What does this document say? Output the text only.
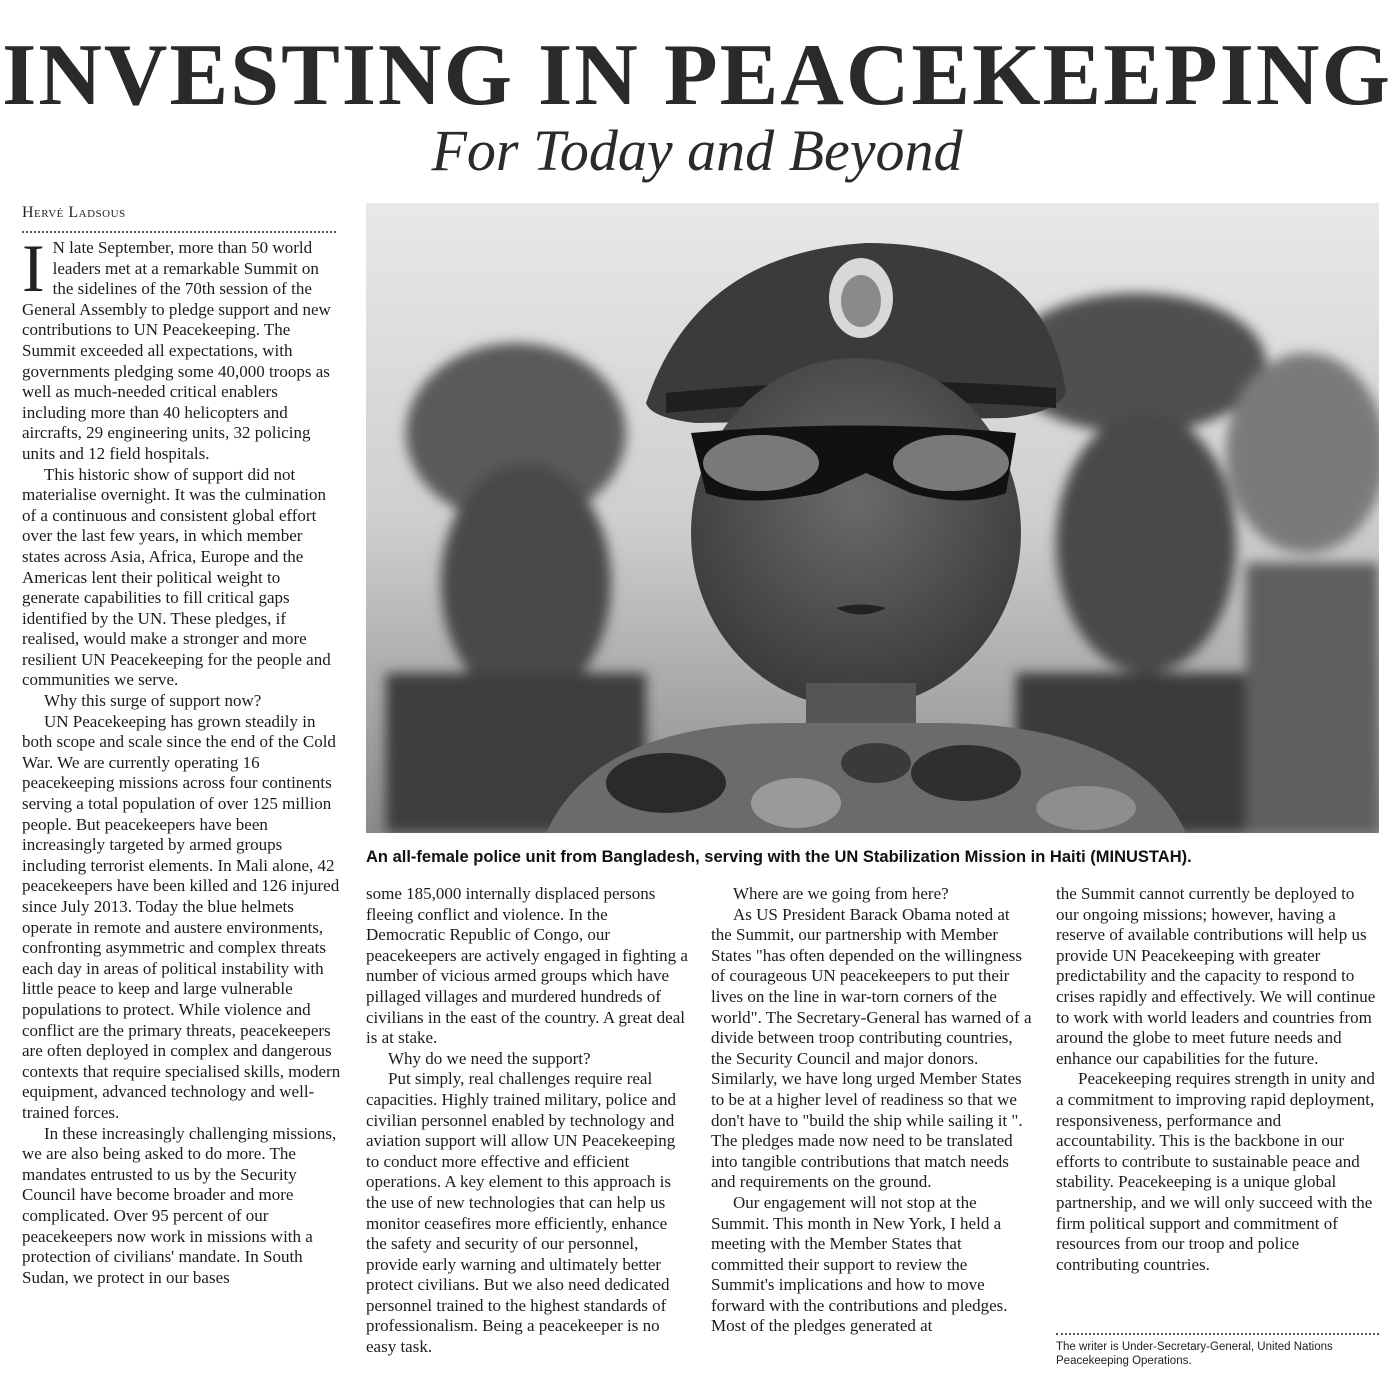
INVESTING IN PEACEKEEPING
For Today and Beyond
Hervé Ladsous

I N late September, more than 50 world leaders met at a remarkable Summit on the sidelines of the 70th session of the General Assembly to pledge support and new contributions to UN Peacekeeping. The Summit exceeded all expectations, with governments pledging some 40,000 troops as well as much-needed critical enablers including more than 40 helicopters and aircrafts, 29 engineering units, 32 policing units and 12 field hospitals.

This historic show of support did not materialise overnight. It was the culmination of a continuous and consistent global effort over the last few years, in which member states across Asia, Africa, Europe and the Americas lent their political weight to generate capabilities to fill critical gaps identified by the UN. These pledges, if realised, would make a stronger and more resilient UN Peacekeeping for the people and communities we serve.

Why this surge of support now?

UN Peacekeeping has grown steadily in both scope and scale since the end of the Cold War. We are currently operating 16 peacekeeping missions across four continents serving a total population of over 125 million people. But peacekeepers have been increasingly targeted by armed groups including terrorist elements. In Mali alone, 42 peacekeepers have been killed and 126 injured since July 2013. Today the blue helmets operate in remote and austere environments, confronting asymmetric and complex threats each day in areas of political instability with little peace to keep and large vulnerable populations to protect. While violence and conflict are the primary threats, peacekeepers are often deployed in complex and dangerous contexts that require specialised skills, modern equipment, advanced technology and well-trained forces.

In these increasingly challenging missions, we are also being asked to do more. The mandates entrusted to us by the Security Council have become broader and more complicated. Over 95 percent of our peacekeepers now work in missions with a protection of civilians' mandate. In South Sudan, we protect in our bases

An all-female police unit from Bangladesh, serving with the UN Stabilization Mission in Haiti (MINUSTAH).

some 185,000 internally displaced persons fleeing conflict and violence. In the Democratic Republic of Congo, our peacekeepers are actively engaged in fighting a number of vicious armed groups which have pillaged villages and murdered hundreds of civilians in the east of the country. A great deal is at stake.

Why do we need the support?

Put simply, real challenges require real capacities. Highly trained military, police and civilian personnel enabled by technology and aviation support will allow UN Peacekeeping to conduct more effective and efficient operations. A key element to this approach is the use of new technologies that can help us monitor ceasefires more efficiently, enhance the safety and security of our personnel, provide early warning and ultimately better protect civilians. But we also need dedicated personnel trained to the highest standards of professionalism. Being a peacekeeper is no easy task.

Where are we going from here?

As US President Barack Obama noted at the Summit, our partnership with Member States "has often depended on the willingness of courageous UN peacekeepers to put their lives on the line in war-torn corners of the world". The Secretary-General has warned of a divide between troop contributing countries, the Security Council and major donors. Similarly, we have long urged Member States to be at a higher level of readiness so that we don't have to "build the ship while sailing it ". The pledges made now need to be translated into tangible contributions that match needs and requirements on the ground.

Our engagement will not stop at the Summit. This month in New York, I held a meeting with the Member States that committed their support to review the Summit's implications and how to move forward with the contributions and pledges. Most of the pledges generated at

the Summit cannot currently be deployed to our ongoing missions; however, having a reserve of available contributions will help us provide UN Peacekeeping with greater predictability and the capacity to respond to crises rapidly and effectively. We will continue to work with world leaders and countries from around the globe to meet future needs and enhance our capabilities for the future.

Peacekeeping requires strength in unity and a commitment to improving rapid deployment, responsiveness, performance and accountability. This is the backbone in our efforts to contribute to sustainable peace and stability. Peacekeeping is a unique global partnership, and we will only succeed with the firm political support and commitment of resources from our troop and police contributing countries.

The writer is Under-Secretary-General, United Nations Peacekeeping Operations.
